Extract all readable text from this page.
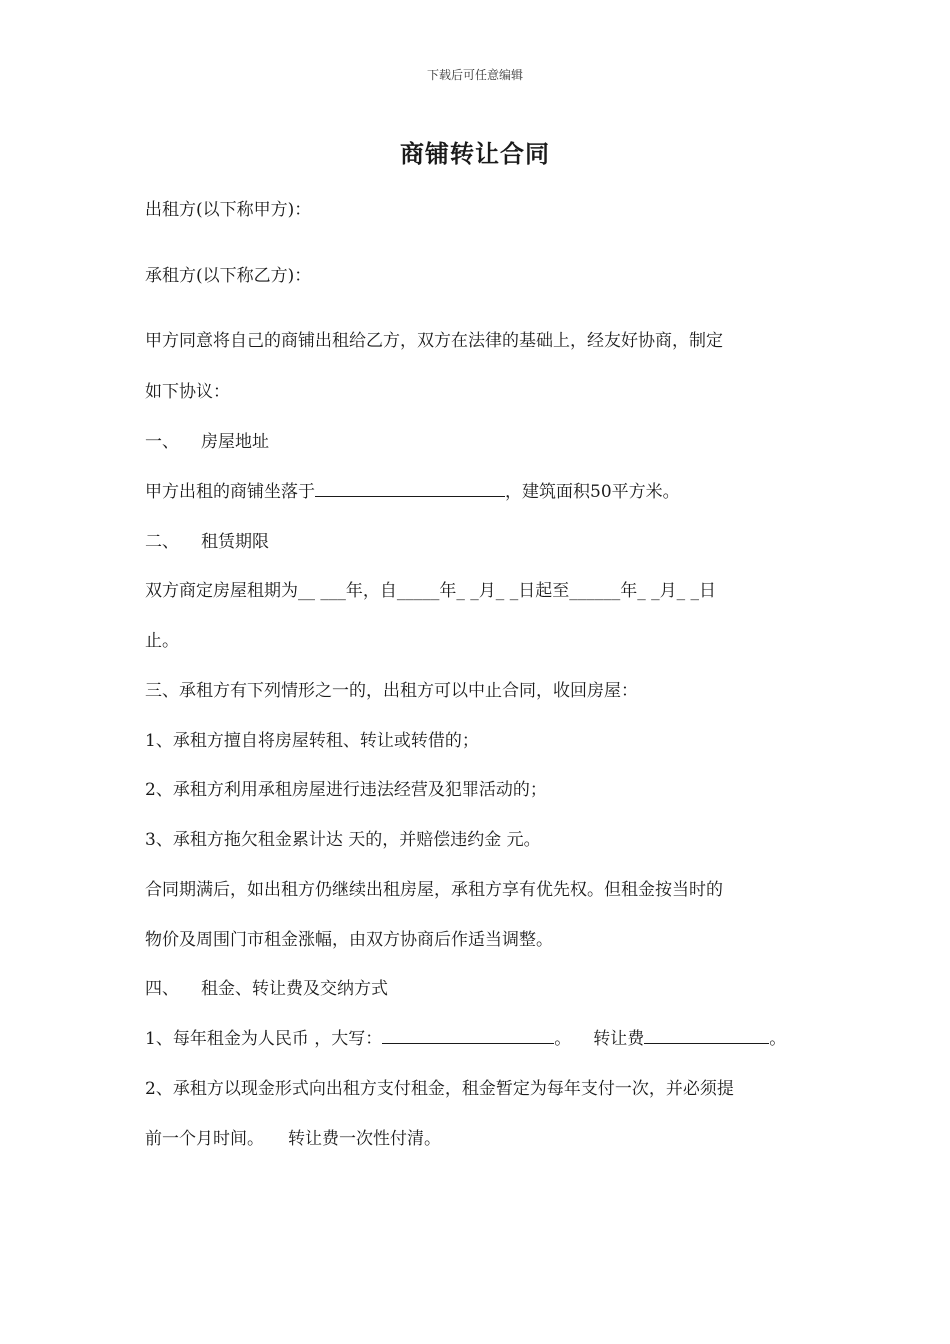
下载后可任意编辑
商铺转让合同
出租方(以下称甲方)：
承租方(以下称乙方)：
甲方同意将自己的商铺出租给乙方，双方在法律的基础上，经友好协商，制定
如下协议：
一、 房屋地址
甲方出租的商铺坐落于	，建筑面积50平方米。
二、 租赁期限
双方商定房屋租期为__ ___年，自_____年_ _月_ _日起至______年_ _月_ _日
止。
三、承租方有下列情形之一的，出租方可以中止合同，收回房屋：
1、承租方擅自将房屋转租、转让或转借的；
2、承租方利用承租房屋进行违法经营及犯罪活动的；
3、承租方拖欠租金累计达 天的，并赔偿违约金 元。
合同期满后，如出租方仍继续出租房屋，承租方享有优先权。但租金按当时的
物价及周围门市租金涨幅，由双方协商后作适当调整。
四、 租金、转让费及交纳方式
1、每年租金为人民币 ，大写：	。 转让费	。
2、承租方以现金形式向出租方支付租金，租金暂定为每年支付一次，并必须提
前一个月时间。 转让费一次性付清。
